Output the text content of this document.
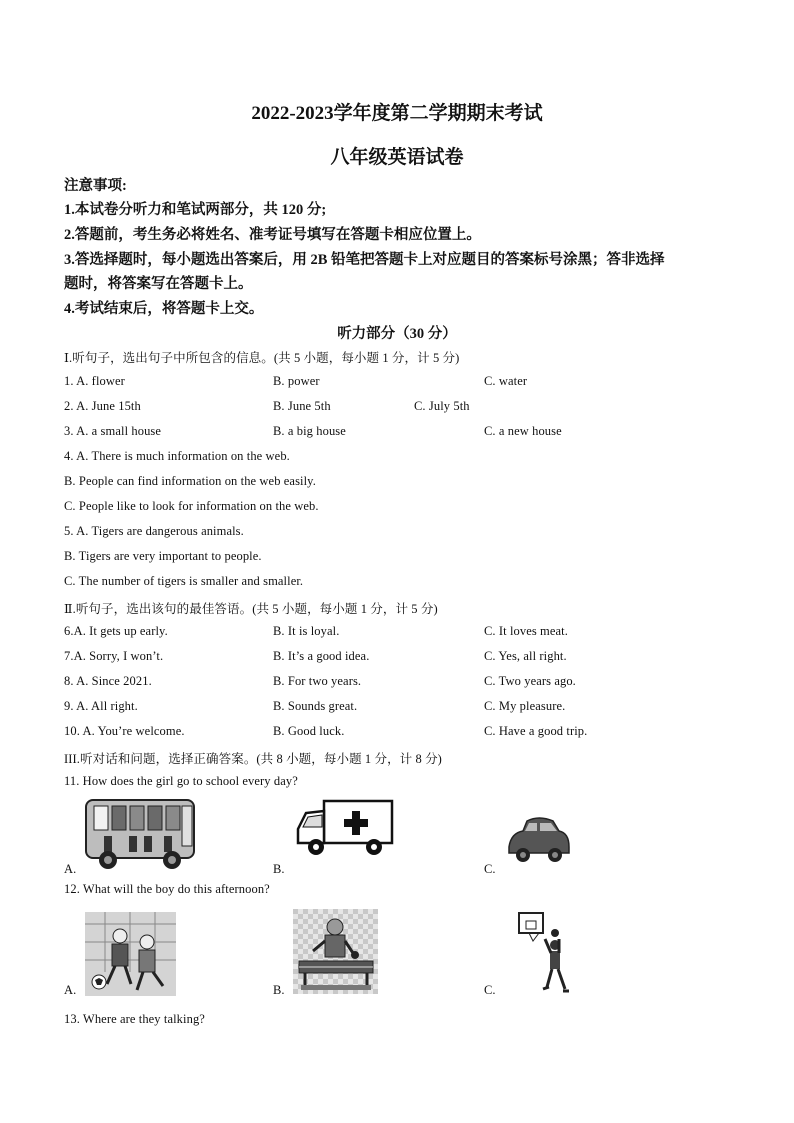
2022-2023学年度第二学期期末考试
八年级英语试卷
注意事项:
1.本试卷分听力和笔试两部分，共 120 分;
2.答题前，考生务必将姓名、准考证号填写在答题卡相应位置上。
3.答选择题时，每小题选出答案后，用 2B 铅笔把答题卡上对应题目的答案标号涂黑；答非选择
题时，将答案写在答题卡上。
4.考试结束后，将答题卡上交。
听力部分（30 分）
Ⅰ.听句子，选出句子中所包含的信息。(共 5 小题，每小题 1 分，计 5 分)
1. A. flower	B. power	C. water
2. A. June 15th	B. June 5th	C. July 5th
3. A. a small house	B. a big house	C. a new house
4. A. There is much information on the web.
B. People can find information on the web easily.
C. People like to look for information on the web.
5. A. Tigers are dangerous animals.
B. Tigers are very important to people.
C. The number of tigers is smaller and smaller.
Ⅱ.听句子，选出该句的最佳答语。(共 5 小题，每小题 1 分，计 5 分)
6.A. It gets up early.	B. It is loyal.	C. It loves meat.
7.A. Sorry, I won’t.	B. It’s a good idea.	C. Yes, all right.
8. A. Since 2021.	B. For two years.	C. Two years ago.
9. A. All right.	B. Sounds great.	C. My pleasure.
10. A. You’re welcome.	B. Good luck.	C. Have a good trip.
III.听对话和问题，选择正确答案。(共 8 小题，每小题 1 分，计 8 分)
11. How does the girl go to school every day?
A.	B.	C.
12. What will the boy do this afternoon?
A.	B.	C.
13. Where are they talking?
